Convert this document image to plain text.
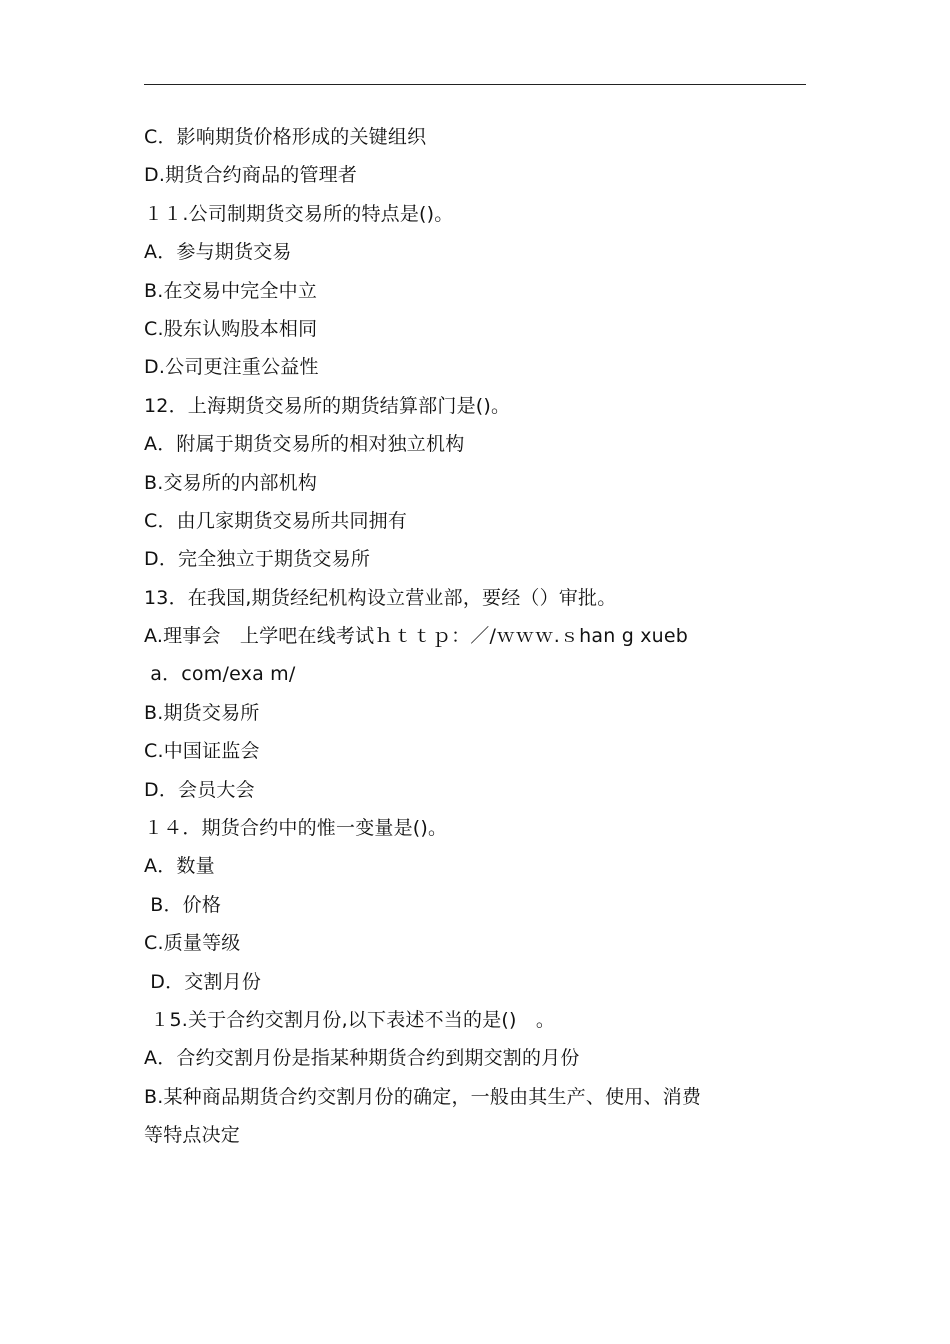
C．影响期货价格形成的关键组织
D.期货合约商品的管理者
１１.公司制期货交易所的特点是()。
A．参与期货交易
B.在交易中完全中立
C.股东认购股本相同
D.公司更注重公益性
12．上海期货交易所的期货结算部门是()。
A．附属于期货交易所的相对独立机构
B.交易所的内部机构
C．由几家期货交易所共同拥有
D．完全独立于期货交易所
13．在我国,期货经纪机构设立营业部，要经（）审批。
A.理事会　上学吧在线考试ｈｔｔｐ：／/ｗｗｗ.ｓhan g xueb
a．com/exa m/
B.期货交易所
C.中国证监会
D．会员大会
１４．期货合约中的惟一变量是()。
A．数量
B．价格
C.质量等级
D．交割月份
１5.关于合约交割月份,以下表述不当的是()　。
A．合约交割月份是指某种期货合约到期交割的月份
B.某种商品期货合约交割月份的确定，一般由其生产、使用、消费
等特点决定
